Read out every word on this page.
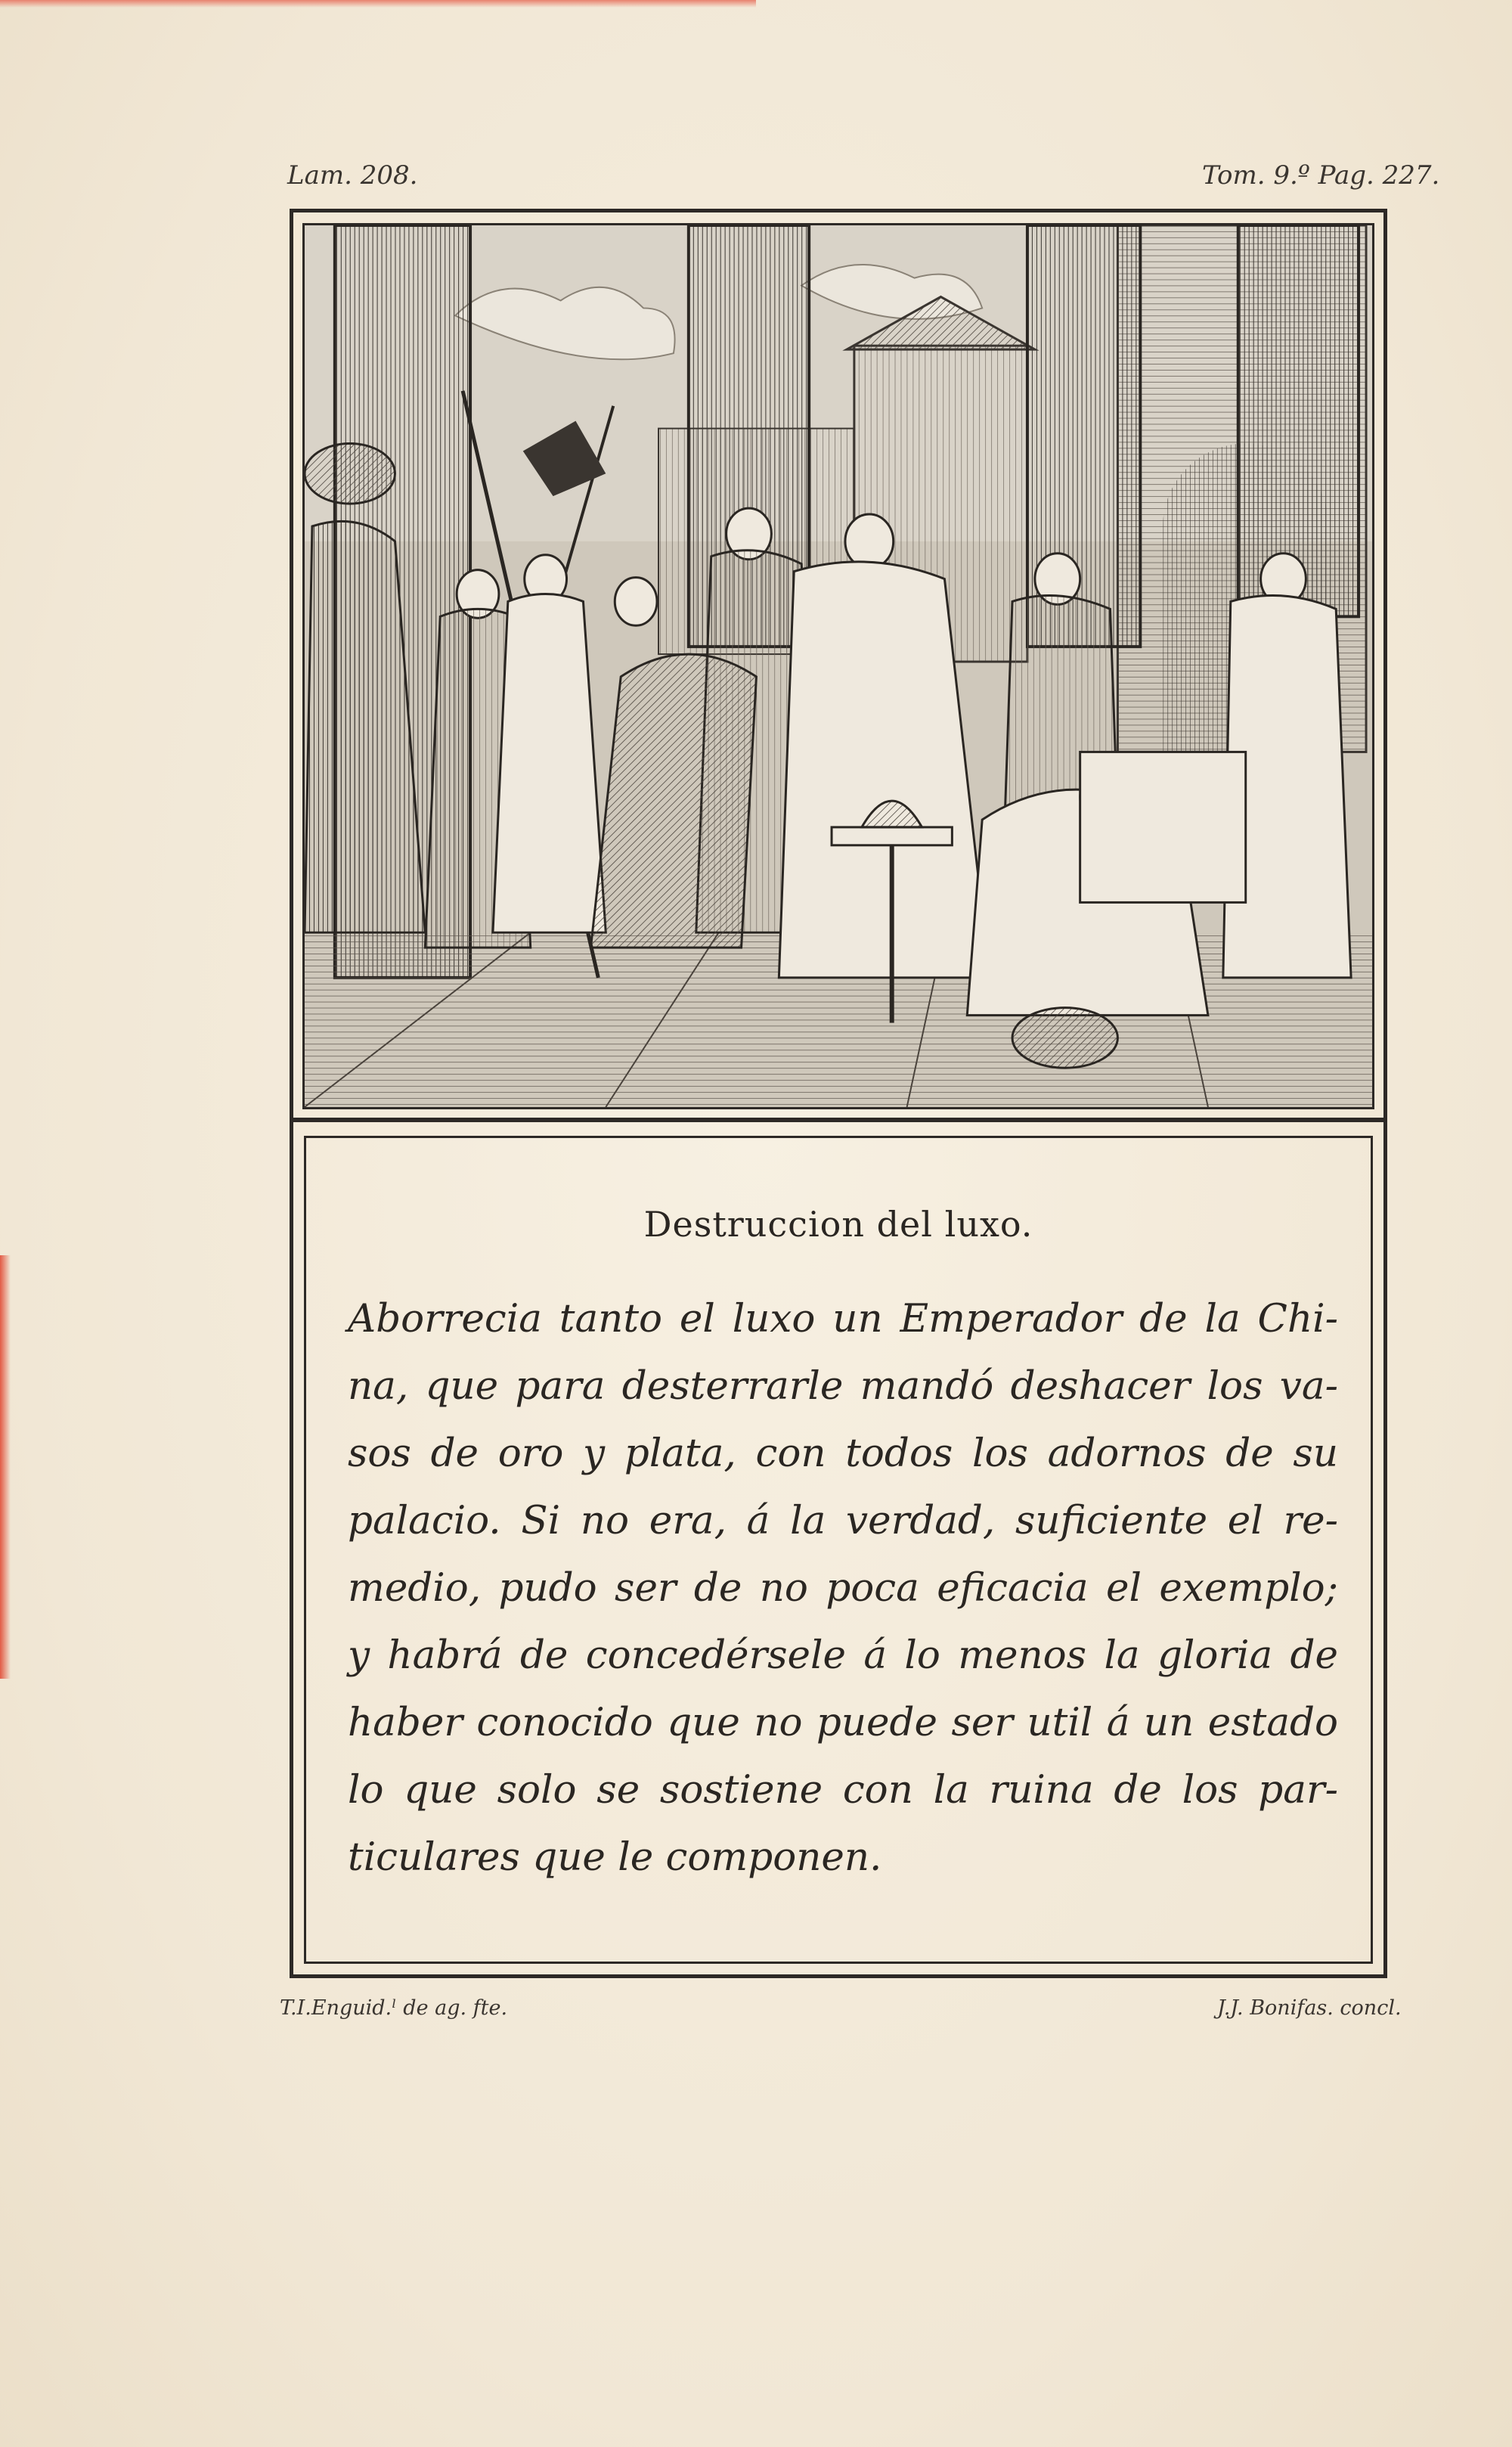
Lam. 208.	Tom. 9.º Pag. 227.
Destruccion del luxo.
Aborrecia tanto el luxo un Emperador de la Chi-
na, que para desterrarle mandó deshacer los va-
sos de oro y plata, con todos los adornos de su
palacio. Si no era, á la verdad, suficiente el re-
medio, pudo ser de no poca eficacia el exemplo;
y habrá de concedérsele á lo menos la gloria de
haber conocido que no puede ser util á un estado
lo que solo se sostiene con la ruina de los par-
ticulares que le componen.
T.I.Enguid.ˡ de ag. fte.	J.J. Bonifas. concl.
